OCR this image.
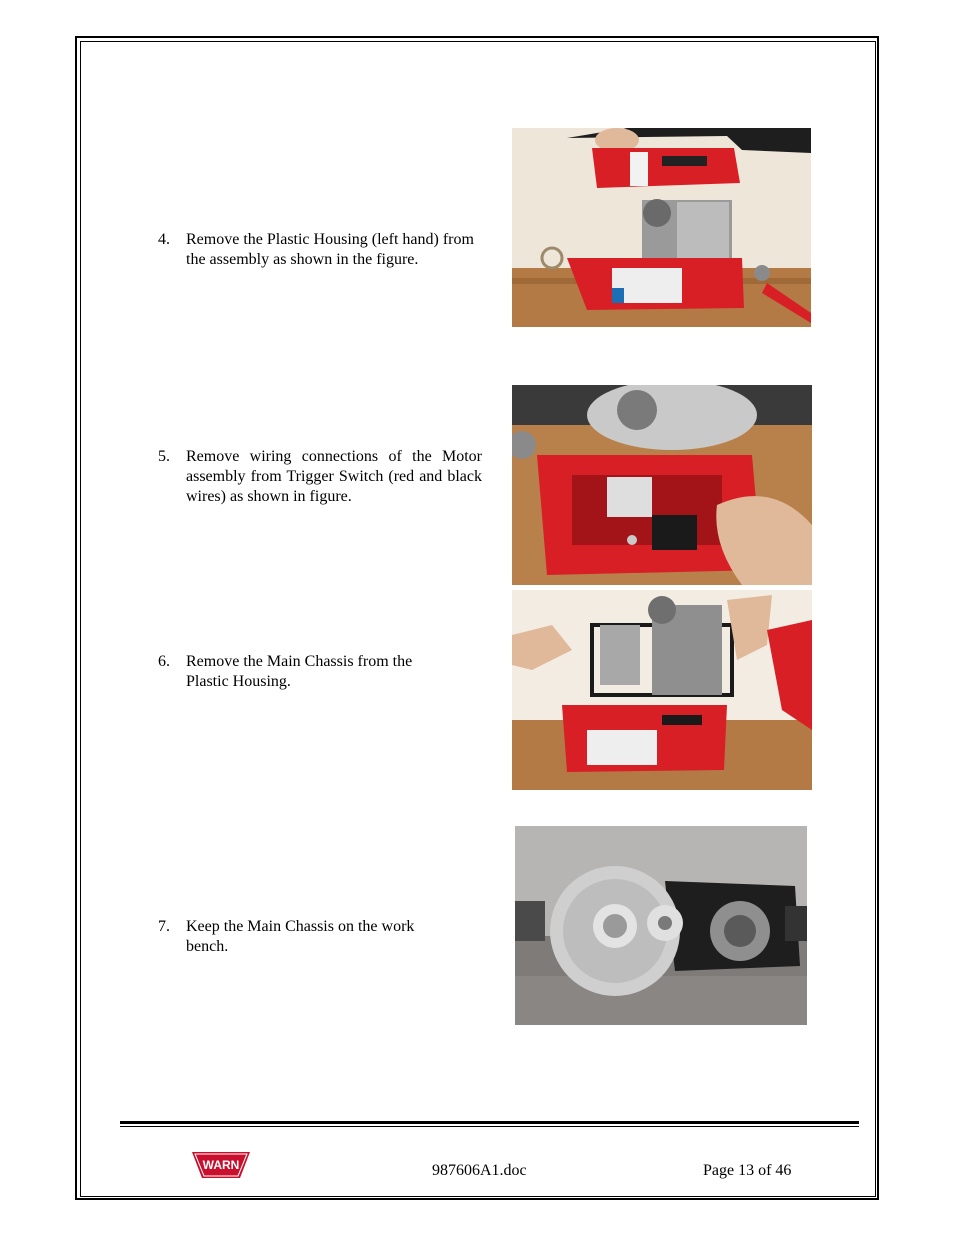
4.	Remove the Plastic Housing (left hand) from the assembly as shown in the figure.
5.	Remove wiring connections of the Motor assembly from Trigger Switch (red and black wires) as shown in figure.
6.	Remove the Main Chassis from the Plastic Housing.
7.	Keep the Main Chassis on the work bench.
WARN	987606A1.doc	Page 13 of 46
